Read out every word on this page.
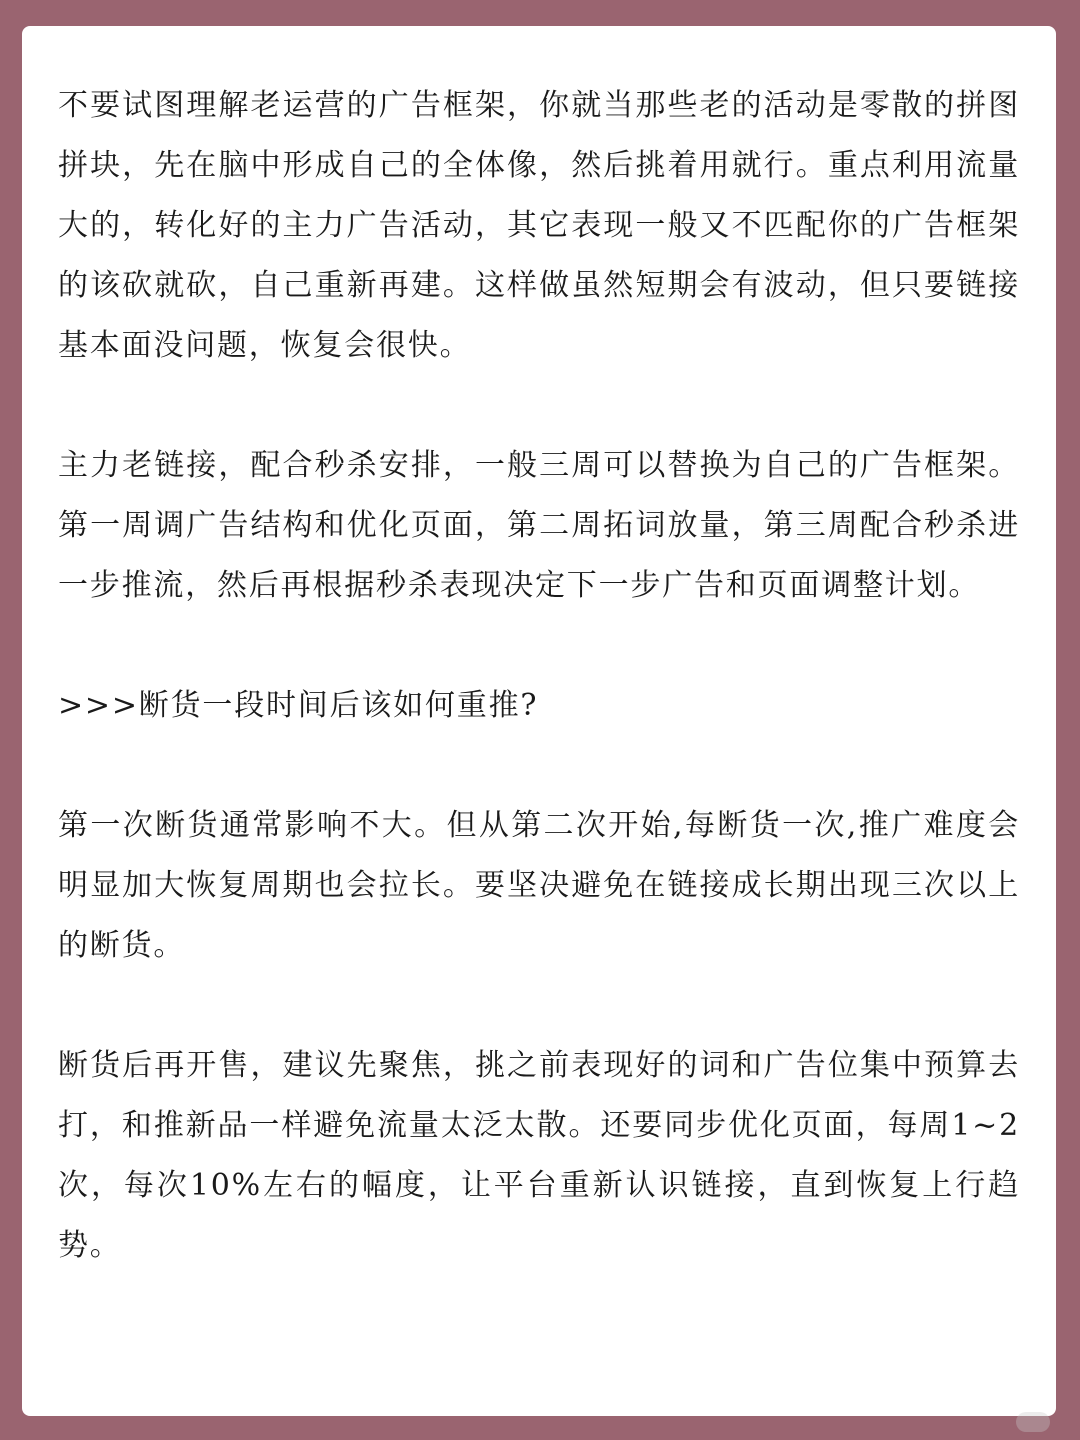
不要试图理解老运营的广告框架，你就当那些老的活动是零散的拼图拼块，先在脑中形成自己的全体像，然后挑着用就行。重点利用流量大的，转化好的主力广告活动，其它表现一般又不匹配你的广告框架的该砍就砍，自己重新再建。这样做虽然短期会有波动，但只要链接基本面没问题，恢复会很快。

主力老链接，配合秒杀安排，一般三周可以替换为自己的广告框架。第一周调广告结构和优化页面，第二周拓词放量，第三周配合秒杀进一步推流，然后再根据秒杀表现决定下一步广告和页面调整计划。

>>>断货一段时间后该如何重推?

第一次断货通常影响不大。但从第二次开始,每断货一次,推广难度会明显加大恢复周期也会拉长。要坚决避免在链接成长期出现三次以上的断货。

断货后再开售，建议先聚焦，挑之前表现好的词和广告位集中预算去打，和推新品一样避免流量太泛太散。还要同步优化页面，每周1~2次，每次10%左右的幅度，让平台重新认识链接，直到恢复上行趋势。
